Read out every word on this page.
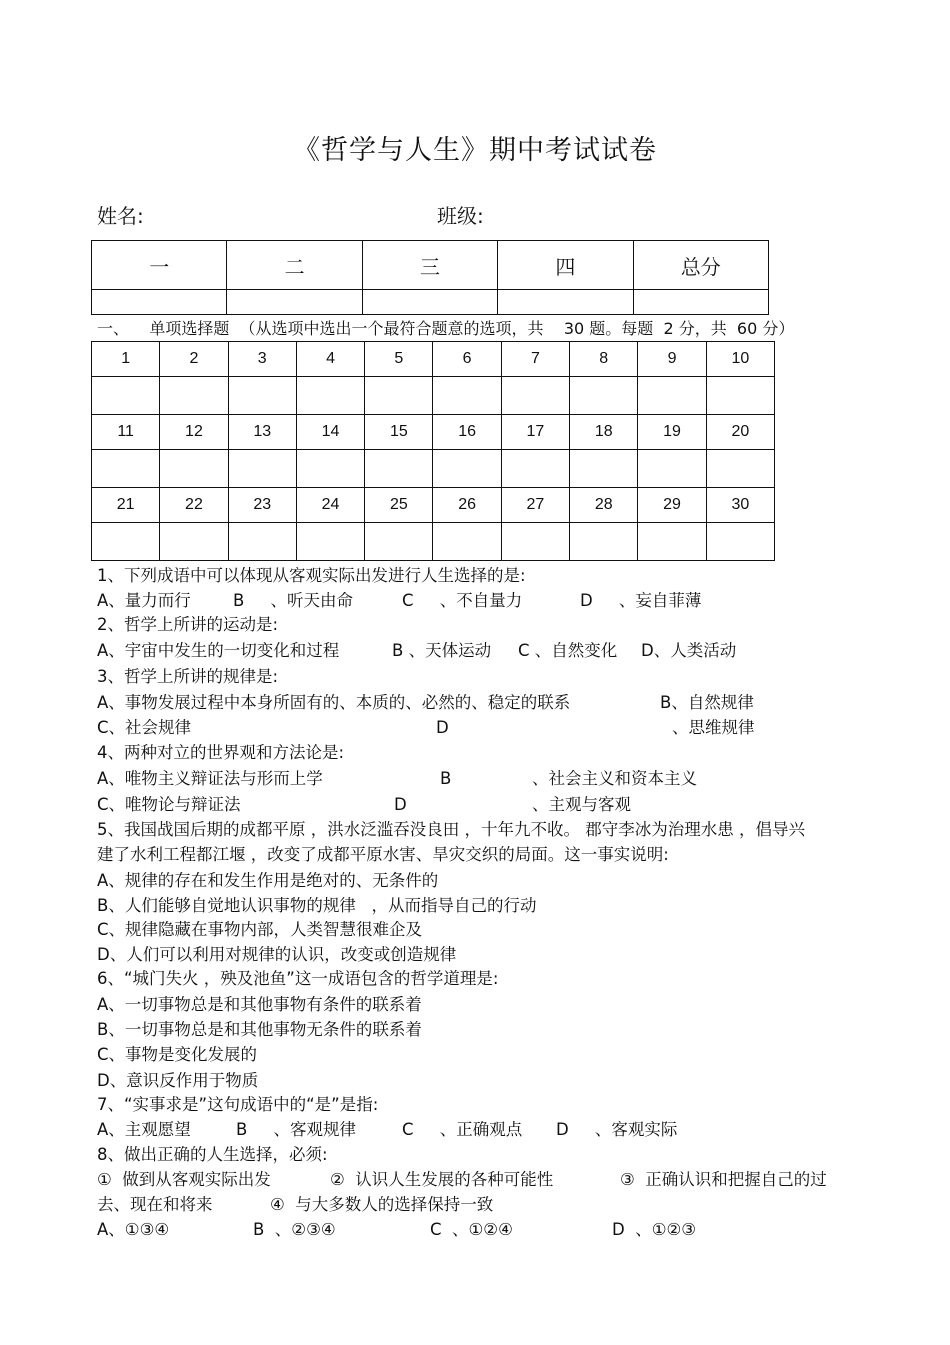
《哲学与人生》期中考试试卷
姓名:	班级:
一	二	三	四	总分

一、    单项选择题  （从选项中选出一个最符合题意的选项，共    30 题。每题  2 分，共  60 分）
1	2	3	4	5	6	7	8	9	10

11	12	13	14	15	16	17	18	19	20

21	22	23	24	25	26	27	28	29	30

1、下列成语中可以体现从客观实际出发进行人生选择的是:
A、量力而行	B     、听天由命	C     、不自量力	D     、妄自菲薄
2、哲学上所讲的运动是:
A、宇宙中发生的一切变化和过程	B 、天体运动 C 、自然变化 D、人类活动
3、哲学上所讲的规律是:
A、事物发展过程中本身所固有的、本质的、必然的、稳定的联系	B、自然规律
C、社会规律	D	、思维规律
4、两种对立的世界观和方法论是:
A、唯物主义辩证法与形而上学	B	、社会主义和资本主义
C、唯物论与辩证法	D	、主观与客观
5、我国战国后期的成都平原 ，洪水泛滥吞没良田 ，十年九不收。 郡守李冰为治理水患 ，倡导兴
建了水利工程都江堰 ，改变了成都平原水害、旱灾交织的局面。这一事实说明:
A、规律的存在和发生作用是绝对的、无条件的
B、人们能够自觉地认识事物的规律   ，从而指导自己的行动
C、规律隐藏在事物内部，人类智慧很难企及
D、人们可以利用对规律的认识，改变或创造规律
6、“城门失火 ，殃及池鱼”这一成语包含的哲学道理是:
A、一切事物总是和其他事物有条件的联系着
B、一切事物总是和其他事物无条件的联系着
C、事物是变化发展的
D、意识反作用于物质
7、“实事求是”这句成语中的“是”是指:
A、主观愿望	B     、客观规律	C     、正确观点 D     、客观实际
8、做出正确的人生选择，必须:
①  做到从客观实际出发	②  认识人生发展的各种可能性	③  正确认识和把握自己的过
去、现在和将来	④  与大多数人的选择保持一致
A、①③④	B  、②③④	C  、①②④	D  、①②③
